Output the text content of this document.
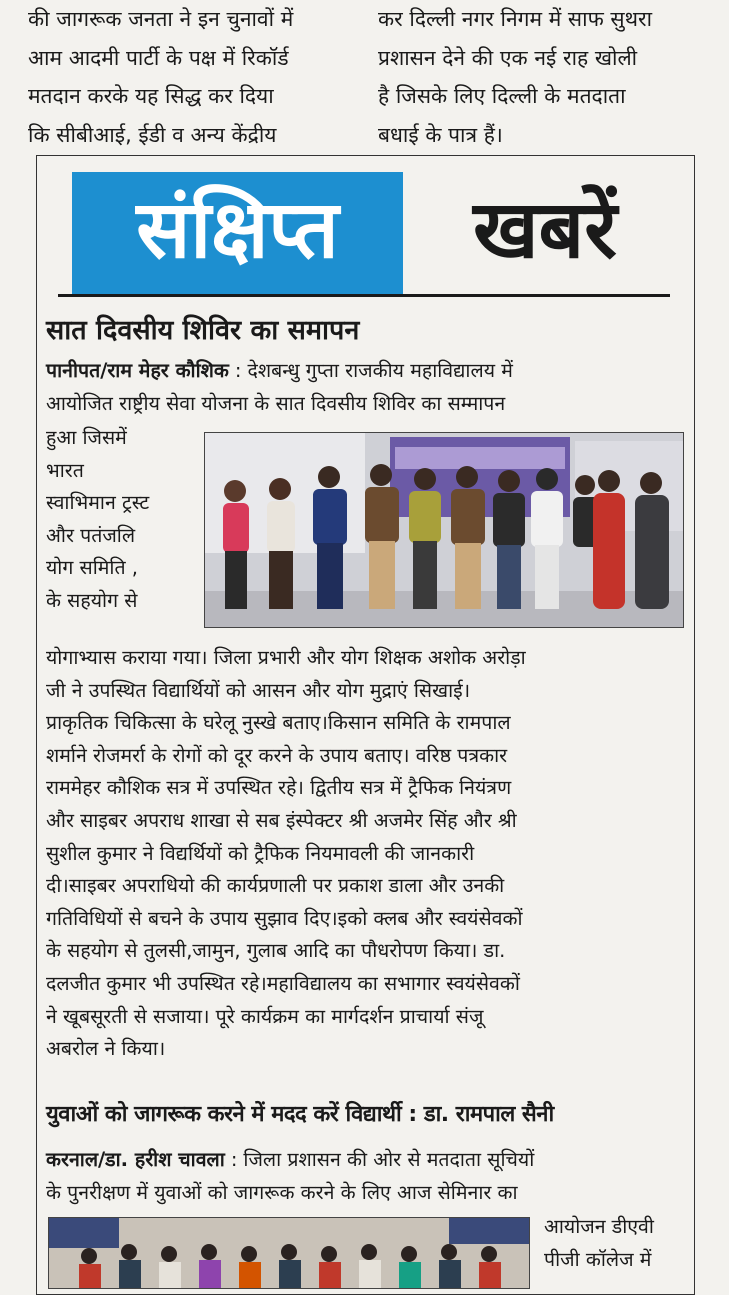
की जागरूक जनता ने इन चुनावों में
आम आदमी पार्टी के पक्ष में रिकॉर्ड
मतदान करके यह सिद्ध कर दिया
कि सीबीआई, ईडी व अन्य केंद्रीय
कर दिल्ली नगर निगम में साफ सुथरा
प्रशासन देने की एक नई राह खोली
है जिसके लिए दिल्ली के मतदाता
बधाई के पात्र हैं।
संक्षिप्त	खबरें
सात दिवसीय शिविर का समापन
पानीपत/राम मेहर कौशिक : देशबन्धु गुप्ता राजकीय महाविद्यालय में
आयोजित राष्ट्रीय सेवा योजना के सात दिवसीय शिविर का सम्मापन
हुआ जिसमें
भारत
स्वाभिमान ट्रस्ट
और पतंजलि
योग समिति ,
के सहयोग से
योगाभ्यास कराया गया। जिला प्रभारी और योग शिक्षक अशोक अरोड़ा
जी ने उपस्थित विद्यार्थियों को आसन और योग मुद्राएं सिखाई।
प्राकृतिक चिकित्सा के घरेलू नुस्खे बताए।किसान समिति के रामपाल
शर्माने रोजमर्रा के रोगों को दूर करने के उपाय बताए। वरिष्ठ पत्रकार
राममेहर कौशिक सत्र में उपस्थित रहे। द्वितीय सत्र में ट्रैफिक नियंत्रण
और साइबर अपराध शाखा से सब इंस्पेक्टर श्री अजमेर सिंह और श्री
सुशील कुमार ने विद्यर्थियों को ट्रैफिक नियमावली की जानकारी
दी।साइबर अपराधियो की कार्यप्रणाली पर प्रकाश डाला और उनकी
गतिविधियों से बचने के उपाय सुझाव दिए।इको क्लब और स्वयंसेवकों
के सहयोग से तुलसी,जामुन, गुलाब आदि का पौधरोपण किया। डा.
दलजीत कुमार भी उपस्थित रहे।महाविद्यालय का सभागार स्वयंसेवकों
ने खूबसूरती से सजाया। पूरे कार्यक्रम का मार्गदर्शन प्राचार्या संजू
अबरोल ने किया।
युवाओं को जागरूक करने में मदद करें विद्यार्थी : डा. रामपाल सैनी
करनाल/डा. हरीश चावला : जिला प्रशासन की ओर से मतदाता सूचियों
के पुनरीक्षण में युवाओं को जागरूक करने के लिए आज सेमिनार का
आयोजन डीएवी
पीजी कॉलेज में
